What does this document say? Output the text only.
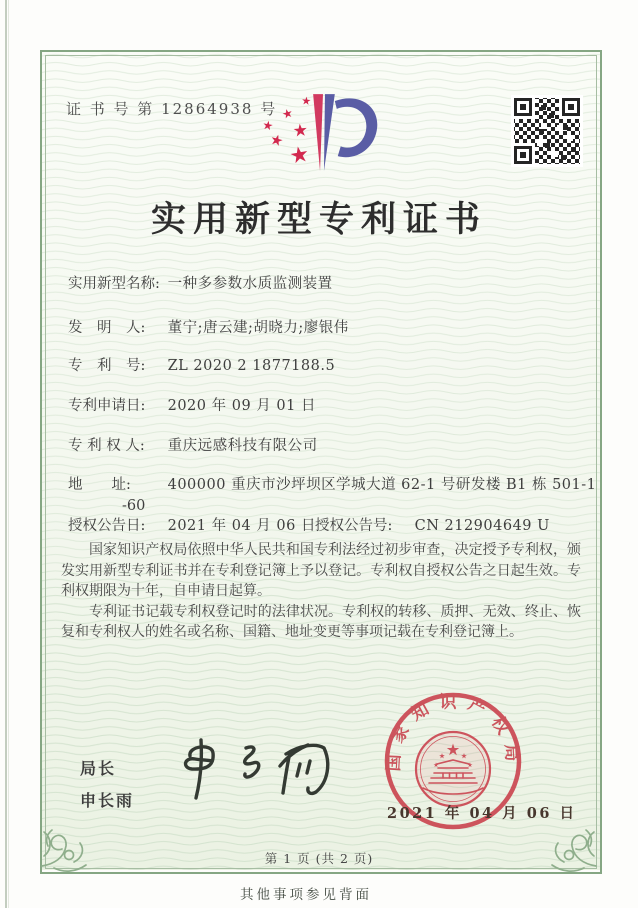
证 书 号 第 12864938 号
实用新型专利证书
实用新型名称: 一种多参数水质监测装置
发　明　人: 董宁;唐云建;胡晓力;廖银伟
专　利　号: ZL 2020 2 1877188.5
专利申请日: 2020 年 09 月 01 日
专 利 权 人: 重庆远感科技有限公司
地　　址:	400000 重庆市沙坪坝区学城大道 62-1 号研发楼 B1 栋 501-1
-60
授权公告日: 2021 年 04 月 06 日 授权公告号: CN 212904649 U

国家知识产权局依照中华人民共和国专利法经过初步审查，决定授予专利权，颁发实用新型专利证书并在专利登记簿上予以登记。专利权自授权公告之日起生效。专利权期限为十年，自申请日起算。

专利证书记载专利权登记时的法律状况。专利权的转移、质押、无效、终止、恢复和专利权人的姓名或名称、国籍、地址变更等事项记载在专利登记簿上。

局长
申长雨
国家知识产权局
2021 年 04 月 06 日
第 1 页 (共 2 页)
其他事项参见背面
